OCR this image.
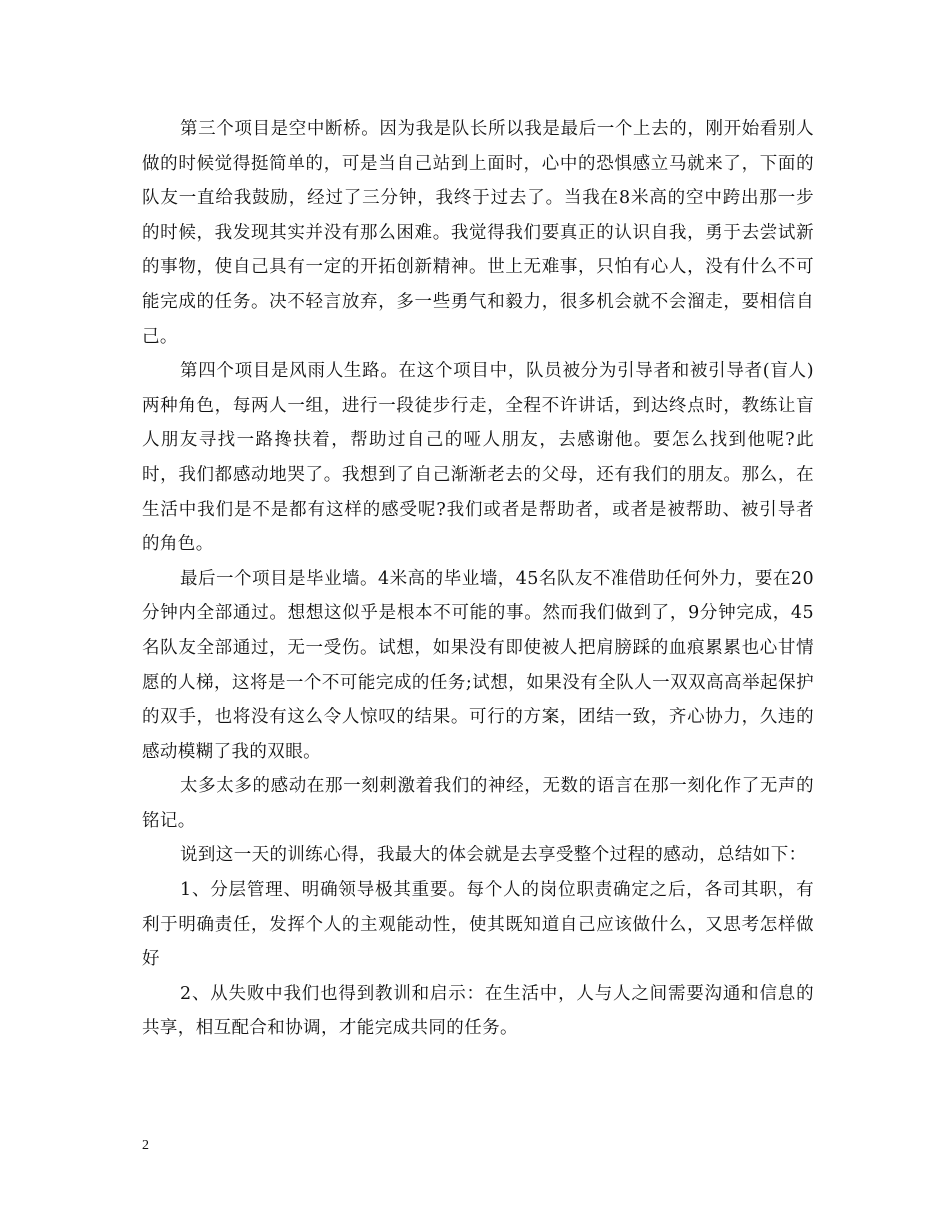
第三个项目是空中断桥。因为我是队长所以我是最后一个上去的，刚开始看别人做的时候觉得挺简单的，可是当自己站到上面时，心中的恐惧感立马就来了，下面的队友一直给我鼓励，经过了三分钟，我终于过去了。当我在8米高的空中跨出那一步的时候，我发现其实并没有那么困难。我觉得我们要真正的认识自我，勇于去尝试新的事物，使自己具有一定的开拓创新精神。世上无难事，只怕有心人，没有什么不可能完成的任务。决不轻言放弃，多一些勇气和毅力，很多机会就不会溜走，要相信自己。

第四个项目是风雨人生路。在这个项目中，队员被分为引导者和被引导者(盲人)两种角色，每两人一组，进行一段徒步行走，全程不许讲话，到达终点时，教练让盲人朋友寻找一路搀扶着，帮助过自己的哑人朋友，去感谢他。要怎么找到他呢?此时，我们都感动地哭了。我想到了自己渐渐老去的父母，还有我们的朋友。那么，在生活中我们是不是都有这样的感受呢?我们或者是帮助者，或者是被帮助、被引导者的角色。

最后一个项目是毕业墙。4米高的毕业墙，45名队友不准借助任何外力，要在20分钟内全部通过。想想这似乎是根本不可能的事。然而我们做到了，9分钟完成，45名队友全部通过，无一受伤。试想，如果没有即使被人把肩膀踩的血痕累累也心甘情愿的人梯，这将是一个不可能完成的任务;试想，如果没有全队人一双双高高举起保护的双手，也将没有这么令人惊叹的结果。可行的方案，团结一致，齐心协力，久违的感动模糊了我的双眼。

太多太多的感动在那一刻刺激着我们的神经，无数的语言在那一刻化作了无声的铭记。

说到这一天的训练心得，我最大的体会就是去享受整个过程的感动，总结如下：

1、分层管理、明确领导极其重要。每个人的岗位职责确定之后，各司其职，有利于明确责任，发挥个人的主观能动性，使其既知道自己应该做什么，又思考怎样做好

2、从失败中我们也得到教训和启示：在生活中，人与人之间需要沟通和信息的共享，相互配合和协调，才能完成共同的任务。

2
